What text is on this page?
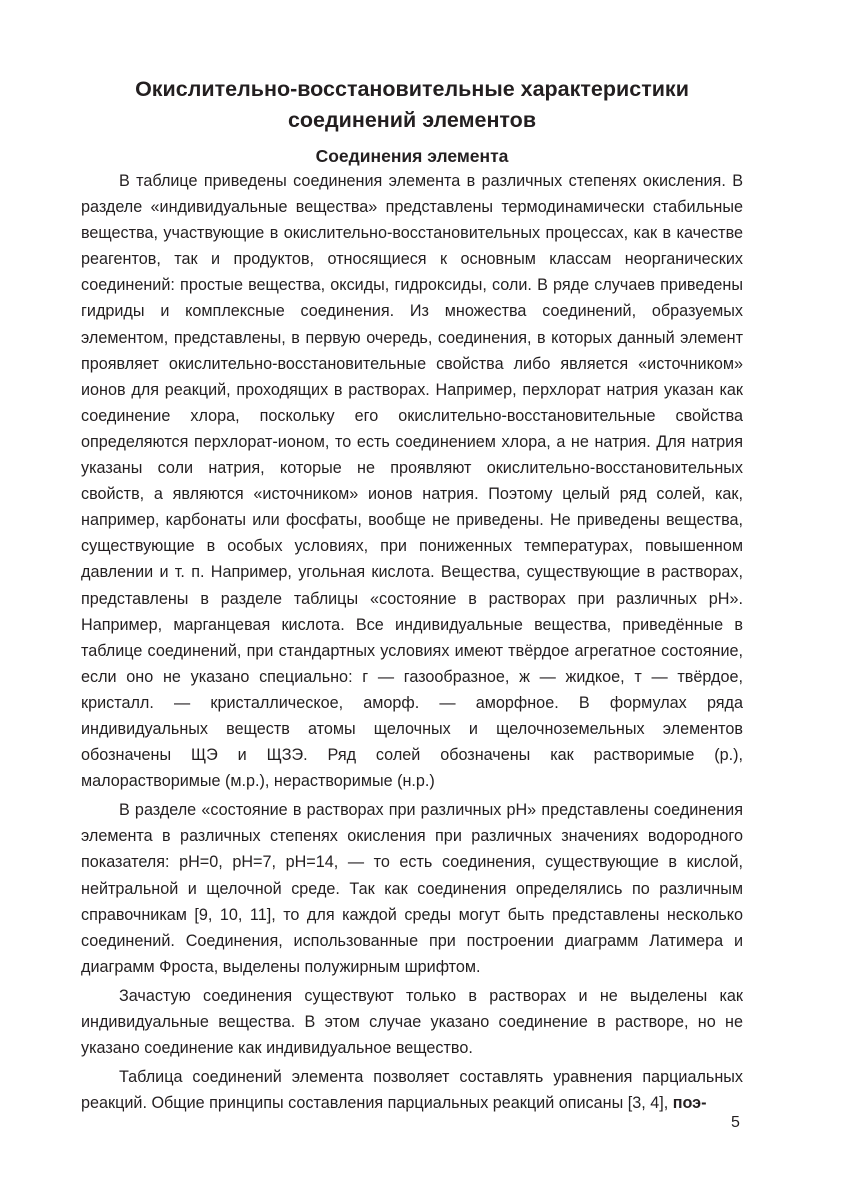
Окислительно-восстановительные характеристики
соединений элементов
Соединения элемента

В таблице приведены соединения элемента в различных степенях окисления. В разделе «индивидуальные вещества» представлены термодинамически стабильные вещества, участвующие в окислительно-восстановительных процессах, как в качестве реагентов, так и продуктов, относящиеся к основным классам неорганических соединений: простые вещества, оксиды, гидроксиды, соли. В ряде случаев приведены гидриды и комплексные соединения. Из множества соединений, образуемых элементом, представлены, в первую очередь, соединения, в которых данный элемент проявляет окислительно-восстановительные свойства либо является «источником» ионов для реакций, проходящих в растворах. Например, перхлорат натрия указан как соединение хлора, поскольку его окислительно-восстановительные свойства определяются перхлорат-ионом, то есть соединением хлора, а не натрия. Для натрия указаны соли натрия, которые не проявляют окислительно-восстановительных свойств, а являются «источником» ионов натрия. Поэтому целый ряд солей, как, например, карбонаты или фосфаты, вообще не приведены. Не приведены вещества, существующие в особых условиях, при пониженных температурах, повышенном давлении и т. п. Например, угольная кислота. Вещества, существующие в растворах, представлены в разделе таблицы «состояние в растворах при различных pH». Например, марганцевая кислота. Все индивидуальные вещества, приведённые в таблице соединений, при стандартных условиях имеют твёрдое агрегатное состояние, если оно не указано специально: г — газообразное, ж — жидкое, т — твёрдое, кристалл. — кристаллическое, аморф. — аморфное. В формулах ряда индивидуальных веществ атомы щелочных и щелочноземельных элементов обозначены ЩЭ и ЩЗЭ. Ряд солей обозначены как растворимые (р.), малорастворимые (м.р.), нерастворимые (н.р.)

В разделе «состояние в растворах при различных pH» представлены соединения элемента в различных степенях окисления при различных значениях водородного показателя: pH=0, pH=7, pH=14, — то есть соединения, существующие в кислой, нейтральной и щелочной среде. Так как соединения определялись по различным справочникам [9, 10, 11], то для каждой среды могут быть представлены несколько соединений. Соединения, использованные при построении диаграмм Латимера и диаграмм Фроста, выделены полужирным шрифтом.

Зачастую соединения существуют только в растворах и не выделены как индивидуальные вещества. В этом случае указано соединение в растворе, но не указано соединение как индивидуальное вещество.

Таблица соединений элемента позволяет составлять уравнения парциальных реакций. Общие принципы составления парциальных реакций описаны [3, 4], поэ-

5
